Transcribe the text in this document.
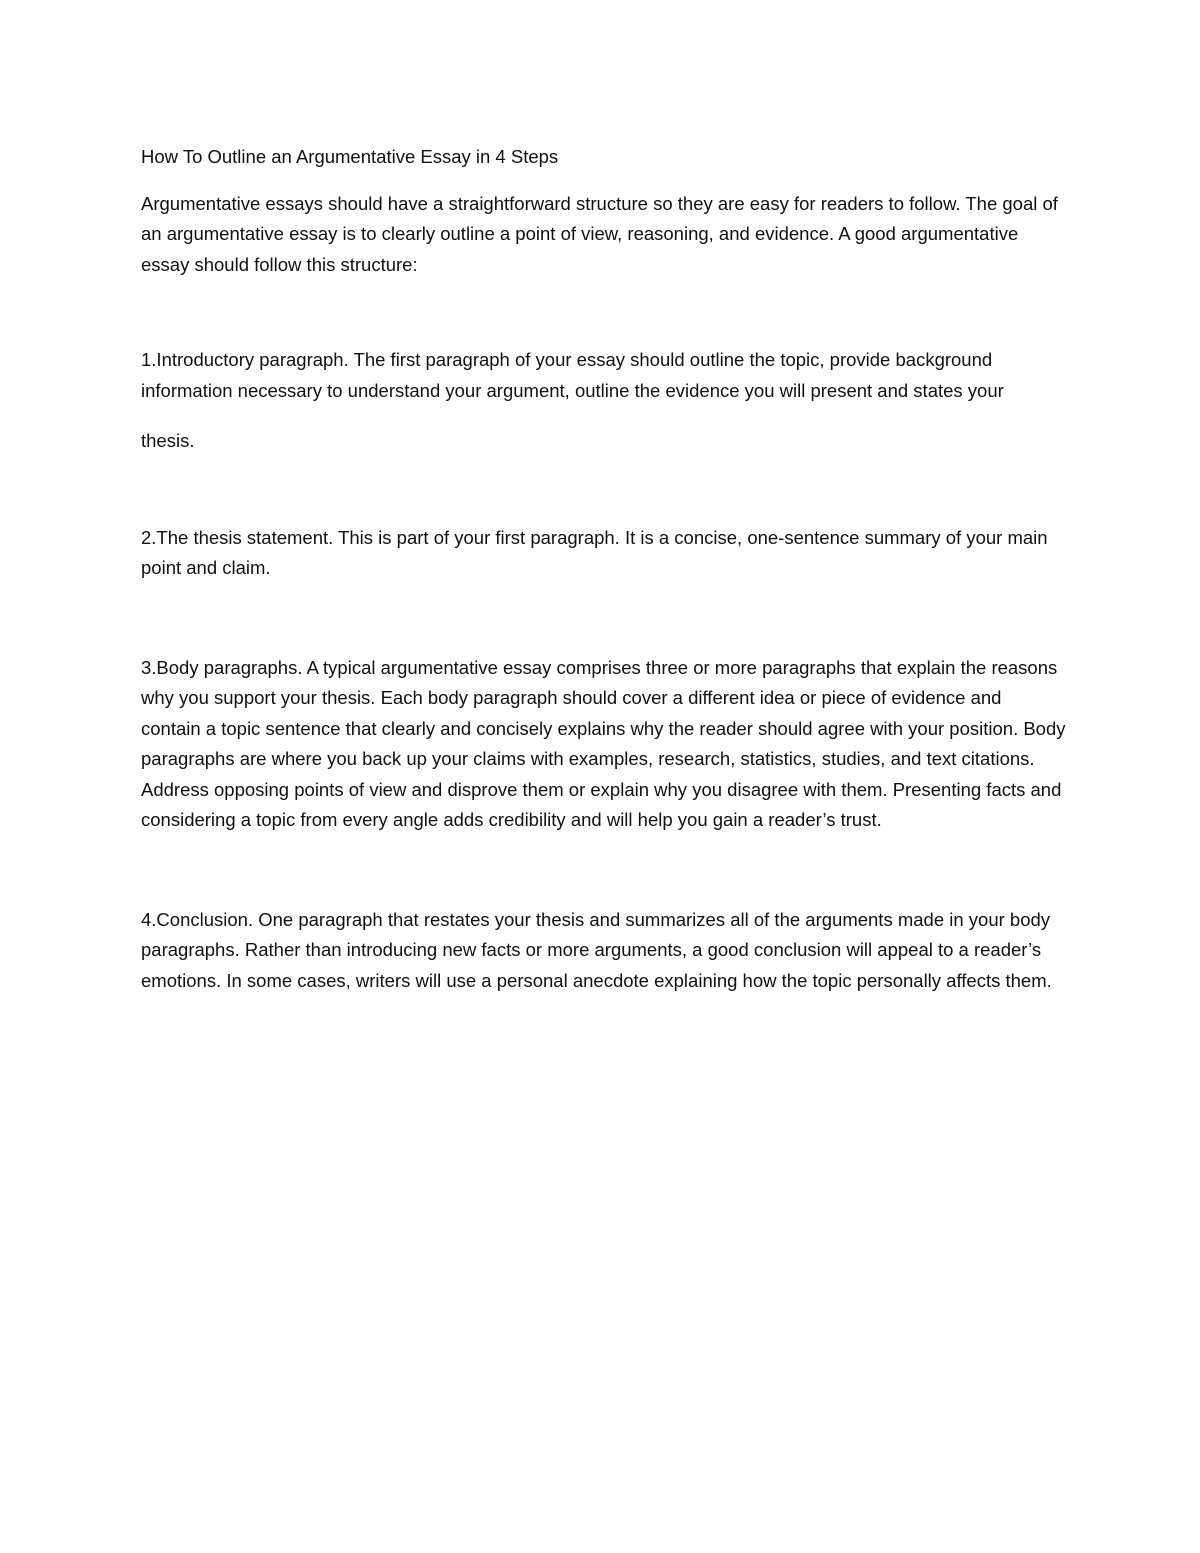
How To Outline an Argumentative Essay in 4 Steps

Argumentative essays should have a straightforward structure so they are easy for readers to follow. The goal of an argumentative essay is to clearly outline a point of view, reasoning, and evidence. A good argumentative essay should follow this structure:

1.Introductory paragraph. The first paragraph of your essay should outline the topic, provide background information necessary to understand your argument, outline the evidence you will present and states your

thesis.

2.The thesis statement. This is part of your first paragraph. It is a concise, one-sentence summary of your main point and claim.

3.Body paragraphs. A typical argumentative essay comprises three or more paragraphs that explain the reasons why you support your thesis. Each body paragraph should cover a different idea or piece of evidence and contain a topic sentence that clearly and concisely explains why the reader should agree with your position. Body paragraphs are where you back up your claims with examples, research, statistics, studies, and text citations. Address opposing points of view and disprove them or explain why you disagree with them. Presenting facts and considering a topic from every angle adds credibility and will help you gain a reader’s trust.

4.Conclusion. One paragraph that restates your thesis and summarizes all of the arguments made in your body paragraphs. Rather than introducing new facts or more arguments, a good conclusion will appeal to a reader’s emotions. In some cases, writers will use a personal anecdote explaining how the topic personally affects them.
